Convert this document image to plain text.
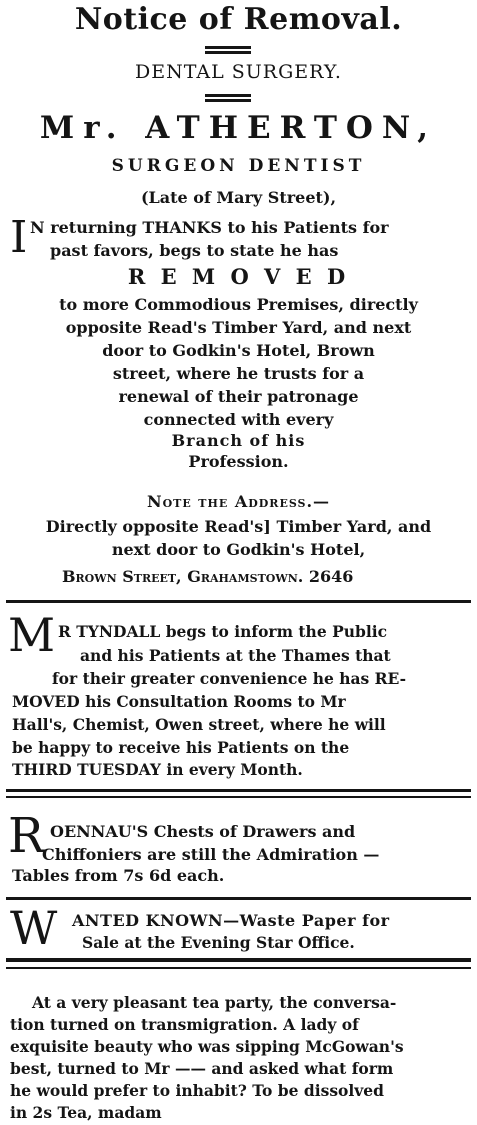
Notice of Removal.
DENTAL SURGERY.
Mr. ATHERTON,
SURGEON DENTIST
(Late of Mary Street),
I N returning THANKS to his Patients for
past favors, begs to state he has
R E M O V E D
to more Commodious Premises, directly
opposite Read's Timber Yard, and next
door to Godkin's Hotel, Brown
street, where he trusts for a
renewal of their patronage
connected with every
Branch of his
Profession.
Note the Address.—
Directly opposite Read's] Timber Yard, and
next door to Godkin's Hotel,
Brown Street, Grahamstown. 2646
M R TYNDALL begs to inform the Public
and his Patients at the Thames that
for their greater convenience he has RE-
MOVED his Consultation Rooms to Mr
Hall's, Chemist, Owen street, where he will
be happy to receive his Patients on the
THIRD TUESDAY in every Month.
R OENNAU'S Chests of Drawers and
Chiffoniers are still the Admiration —
Tables from 7s 6d each.
W ANTED KNOWN—Waste Paper for
Sale at the Evening Star Office.
At a very pleasant tea party, the conversa-
tion turned on transmigration. A lady of
exquisite beauty who was sipping McGowan's
best, turned to Mr —— and asked what form
he would prefer to inhabit? To be dissolved
in 2s Tea, madam
